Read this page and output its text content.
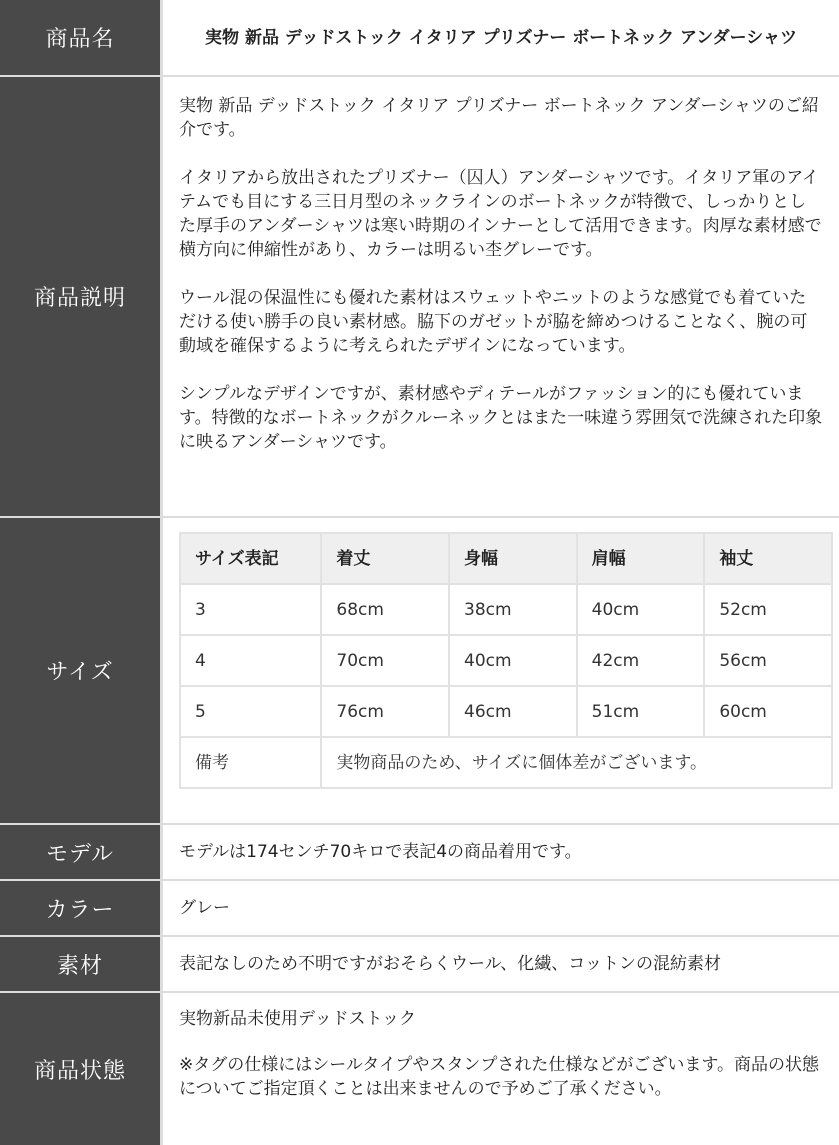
商品名	実物 新品 デッドストック イタリア プリズナー ボートネック アンダーシャツ
商品説明

実物 新品 デッドストック イタリア プリズナー ボートネック アンダーシャツのご紹介です。

イタリアから放出されたプリズナー（囚人）アンダーシャツです。イタリア軍のアイテムでも目にする三日月型のネックラインのボートネックが特徴で、しっかりとした厚手のアンダーシャツは寒い時期のインナーとして活用できます。肉厚な素材感で横方向に伸縮性があり、カラーは明るい杢グレーです。

ウール混の保温性にも優れた素材はスウェットやニットのような感覚でも着ていただける使い勝手の良い素材感。脇下のガゼットが脇を締めつけることなく、腕の可動域を確保するように考えられたデザインになっています。

シンプルなデザインですが、素材感やディテールがファッション的にも優れています。特徴的なボートネックがクルーネックとはまた一味違う雰囲気で洗練された印象に映るアンダーシャツです。

サイズ
サイズ表記	着丈	身幅	肩幅	袖丈
3	68cm	38cm	40cm	52cm
4	70cm	40cm	42cm	56cm
5	76cm	46cm	51cm	60cm
備考	実物商品のため、サイズに個体差がございます。			
モデル	モデルは174センチ70キロで表記4の商品着用です。
カラー	グレー
素材	表記なしのため不明ですがおそらくウール、化繊、コットンの混紡素材
商品状態

実物新品未使用デッドストック

※タグの仕様にはシールタイプやスタンプされた仕様などがございます。商品の状態についてご指定頂くことは出来ませんので予めご了承ください。
